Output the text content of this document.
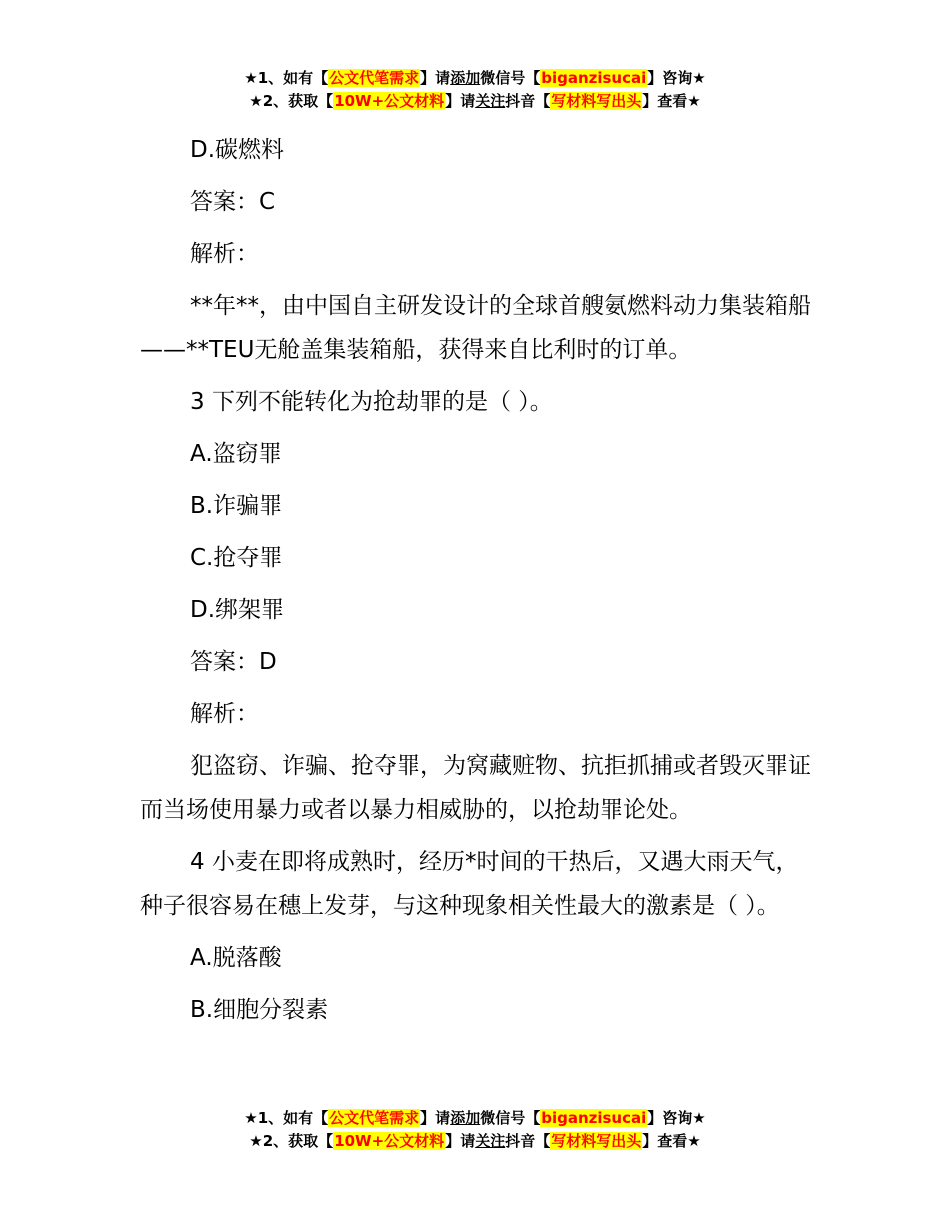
★1、如有【公文代笔需求】请添加微信号【biganzisucai】咨询★
★2、获取【10W+公文材料】请关注抖音【写材料写出头】查看★

D.碳燃料

答案：C

解析：

**年**，由中国自主研发设计的全球首艘氨燃料动力集装箱船——**TEU无舱盖集装箱船，获得来自比利时的订单。

3 下列不能转化为抢劫罪的是（ ）。

A.盗窃罪

B.诈骗罪

C.抢夺罪

D.绑架罪

答案：D

解析：

犯盗窃、诈骗、抢夺罪，为窝藏赃物、抗拒抓捕或者毁灭罪证而当场使用暴力或者以暴力相威胁的，以抢劫罪论处。

4 小麦在即将成熟时，经历*时间的干热后，又遇大雨天气，种子很容易在穗上发芽，与这种现象相关性最大的激素是（ ）。

A.脱落酸

B.细胞分裂素

★1、如有【公文代笔需求】请添加微信号【biganzisucai】咨询★
★2、获取【10W+公文材料】请关注抖音【写材料写出头】查看★
